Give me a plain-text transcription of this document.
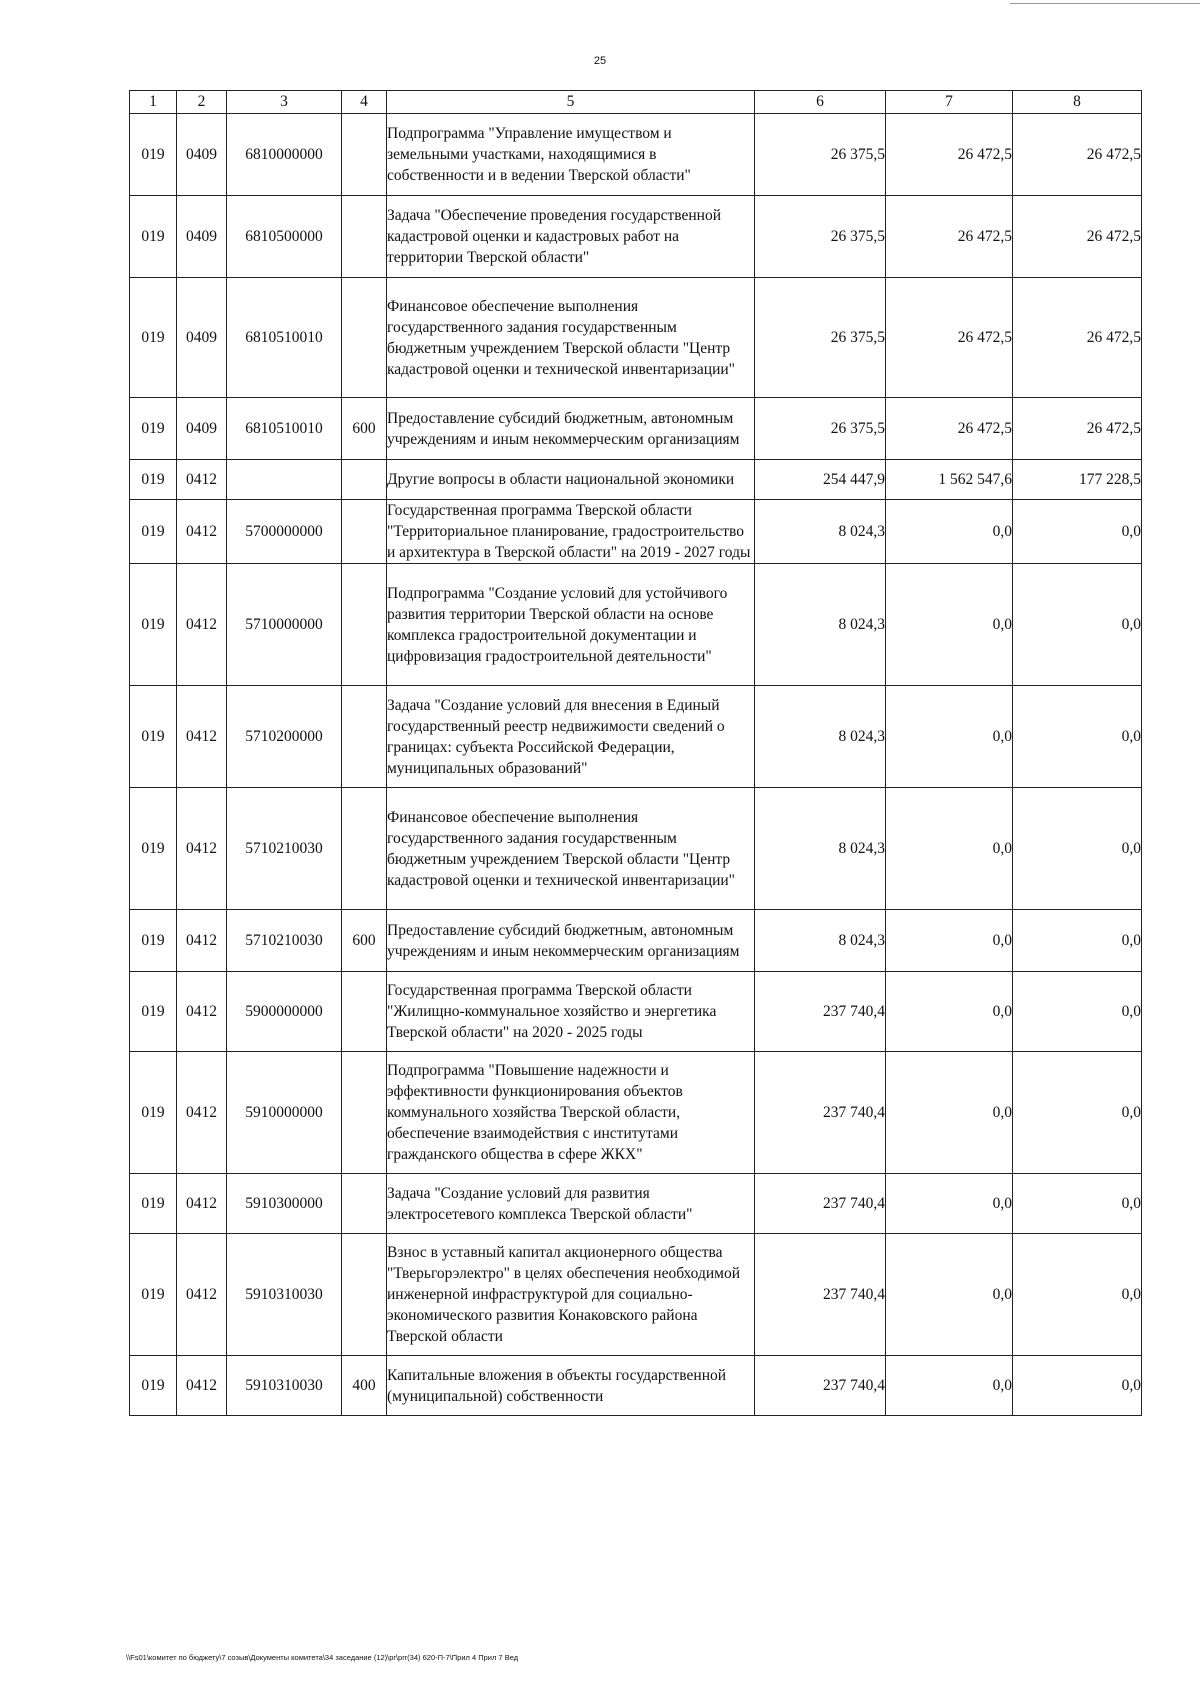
25
1	2	3	4	5	6	7	8
019	0409	6810000000		Подпрограмма "Управление имуществом и земельными участками, находящимися в собственности и в ведении Тверской области"	26 375,5	26 472,5	26 472,5
019	0409	6810500000		Задача "Обеспечение проведения государственной кадастровой оценки и кадастровых работ на территории Тверской области"	26 375,5	26 472,5	26 472,5
019	0409	6810510010		Финансовое обеспечение выполнения государственного задания государственным бюджетным учреждением Тверской области "Центр кадастровой оценки и технической инвентаризации"	26 375,5	26 472,5	26 472,5
019	0409	6810510010	600	Предоставление субсидий бюджетным, автономным учреждениям и иным некоммерческим организациям	26 375,5	26 472,5	26 472,5
019	0412			Другие вопросы в области национальной экономики	254 447,9	1 562 547,6	177 228,5
019	0412	5700000000		Государственная программа Тверской области "Территориальное планирование, градостроительство и архитектура в Тверской области" на 2019 - 2027 годы	8 024,3	0,0	0,0
019	0412	5710000000		Подпрограмма "Создание условий для устойчивого развития территории Тверской области на основе комплекса градостроительной документации и цифровизация градостроительной деятельности"	8 024,3	0,0	0,0
019	0412	5710200000		Задача "Создание условий для внесения в Единый государственный реестр недвижимости сведений о границах: субъекта Российской Федерации, муниципальных образований"	8 024,3	0,0	0,0
019	0412	5710210030		Финансовое обеспечение выполнения государственного задания государственным бюджетным учреждением Тверской области "Центр кадастровой оценки и технической инвентаризации"	8 024,3	0,0	0,0
019	0412	5710210030	600	Предоставление субсидий бюджетным, автономным учреждениям и иным некоммерческим организациям	8 024,3	0,0	0,0
019	0412	5900000000		Государственная программа Тверской области "Жилищно-коммунальное хозяйство и энергетика Тверской области" на 2020 - 2025 годы	237 740,4	0,0	0,0
019	0412	5910000000		Подпрограмма "Повышение надежности и эффективности функционирования объектов коммунального хозяйства Тверской области, обеспечение взаимодействия с институтами гражданского общества в сфере ЖКХ"	237 740,4	0,0	0,0
019	0412	5910300000		Задача "Создание условий для развития электросетевого комплекса Тверской области"	237 740,4	0,0	0,0
019	0412	5910310030		Взнос в уставный капитал акционерного общества "Тверьгорэлектро" в целях обеспечения необходимой инженерной инфраструктурой для социально-экономического развития Конаковского района Тверской области	237 740,4	0,0	0,0
019	0412	5910310030	400	Капитальные вложения в объекты государственной (муниципальной) собственности	237 740,4	0,0	0,0
\\Fs01\комитет по бюджету\7 созыв\Документы комитета\34 заседание (12)\pr\prr(34) 620-П-7\Прил 4 Прил 7 Вед
